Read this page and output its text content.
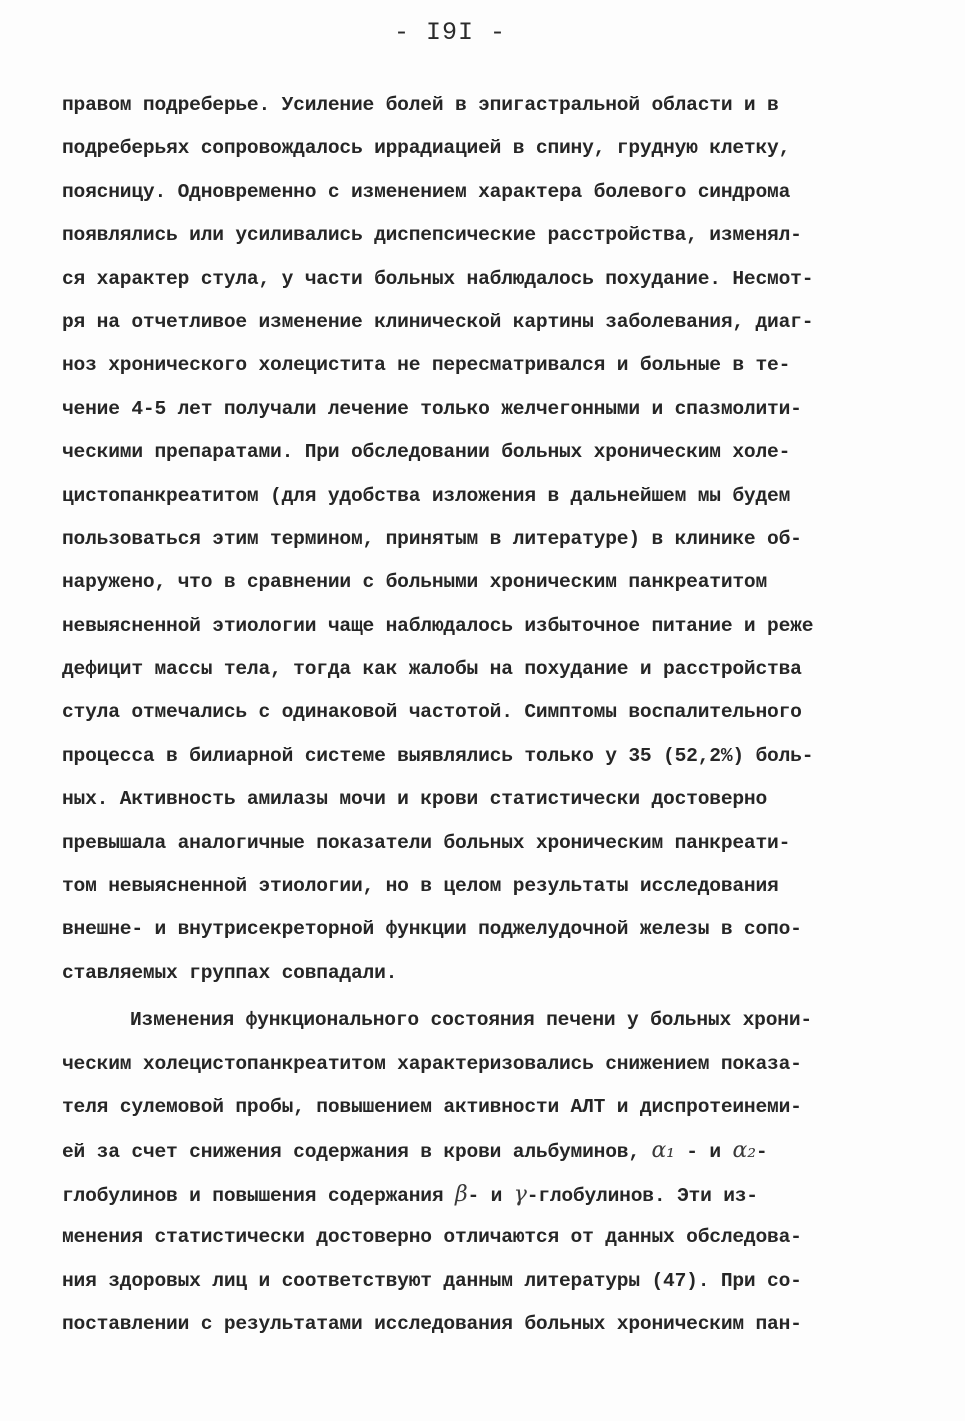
- I9I -
правом подреберье. Усиление болей в эпигастральной области и в
подреберьях сопровождалось иррадиацией в спину, грудную клетку,
поясницу. Одновременно с изменением характера болевого синдрома
появлялись или усиливались диспепсические расстройства, изменял-
ся характер стула, у части больных наблюдалось похудание. Несмот-
ря на отчетливое изменение клинической картины заболевания, диаг-
ноз хронического холецистита не пересматривался и больные в те-
чение 4-5 лет получали лечение только желчегонными и спазмолити-
ческими препаратами. При обследовании больных хроническим холе-
цистопанкреатитом (для удобства изложения в дальнейшем мы будем
пользоваться этим термином, принятым в литературе) в клинике об-
наружено, что в сравнении с больными хроническим панкреатитом
невыясненной этиологии чаще наблюдалось избыточное питание и реже
дефицит массы тела, тогда как жалобы на похудание и расстройства
стула отмечались с одинаковой частотой. Симптомы воспалительного
процесса в билиарной системе выявлялись только у 35 (52,2%) боль-
ных. Активность амилазы мочи и крови статистически достоверно
превышала аналогичные показатели больных хроническим панкреати-
том невыясненной этиологии, но в целом результаты исследования
внешне- и внутрисекреторной функции поджелудочной железы в сопо-
ставляемых группах совпадали.
Изменения функционального состояния печени у больных хрони-
ческим холецистопанкреатитом характеризовались снижением показа-
теля сулемовой пробы, повышением активности АЛТ и диспротеинеми-
ей за счет снижения содержания в крови альбуминов, α₁ - и α₂-
глобулинов и повышения содержания β- и γ-глобулинов. Эти из-
менения статистически достоверно отличаются от данных обследова-
ния здоровых лиц и соответствуют данным литературы (47). При со-
поставлении с результатами исследования больных хроническим пан-
